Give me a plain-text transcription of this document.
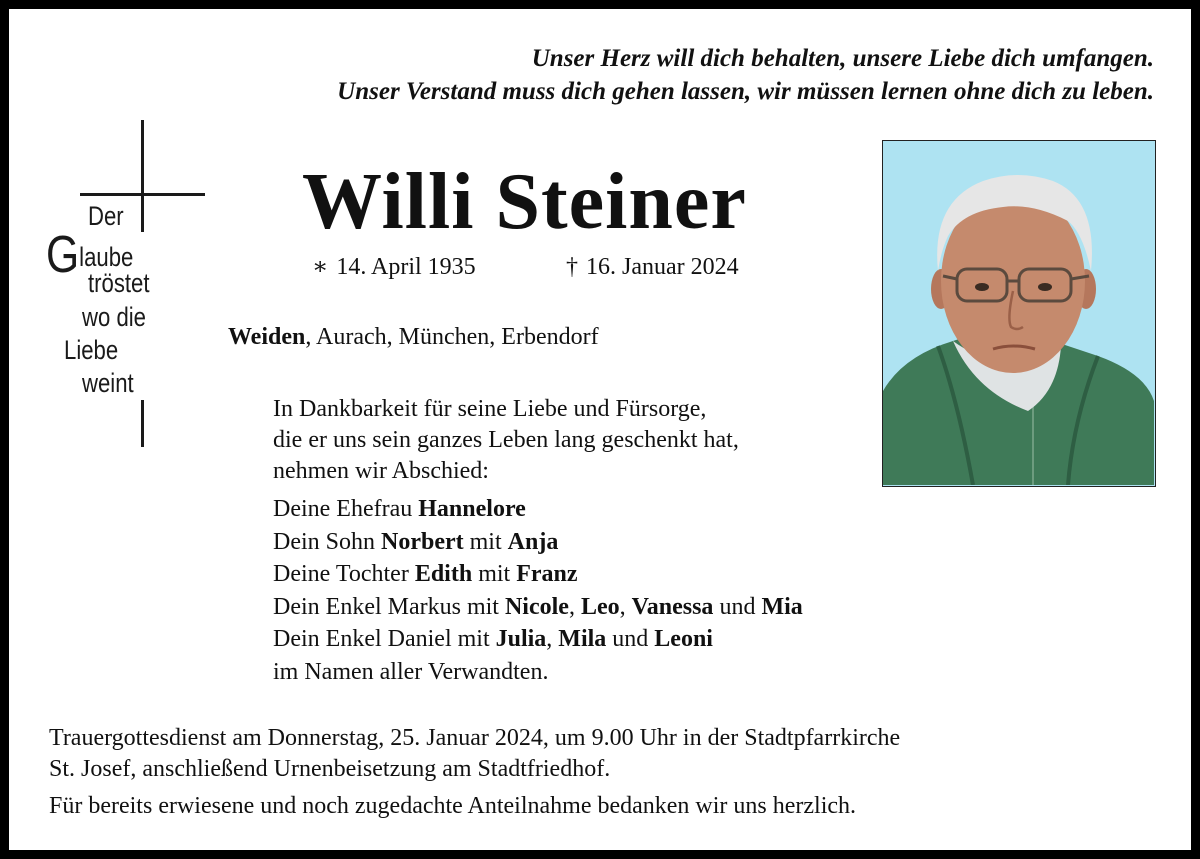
Unser Herz will dich behalten, unsere Liebe dich umfangen.
Unser Verstand muss dich gehen lassen, wir müssen lernen ohne dich zu leben.
Der
Glaube
tröstet
wo die
Liebe
weint
Willi Steiner
∗ 14. April 1935	† 16. Januar 2024
Weiden, Aurach, München, Erbendorf
In Dankbarkeit für seine Liebe und Fürsorge,
die er uns sein ganzes Leben lang geschenkt hat,
nehmen wir Abschied:
Deine Ehefrau Hannelore
Dein Sohn Norbert mit Anja
Deine Tochter Edith mit Franz
Dein Enkel Markus mit Nicole, Leo, Vanessa und Mia
Dein Enkel Daniel mit Julia, Mila und Leoni
im Namen aller Verwandten.
Trauergottesdienst am Donnerstag, 25. Januar 2024, um 9.00 Uhr in der Stadtpfarrkirche
St. Josef, anschließend Urnenbeisetzung am Stadtfriedhof.
Für bereits erwiesene und noch zugedachte Anteilnahme bedanken wir uns herzlich.
